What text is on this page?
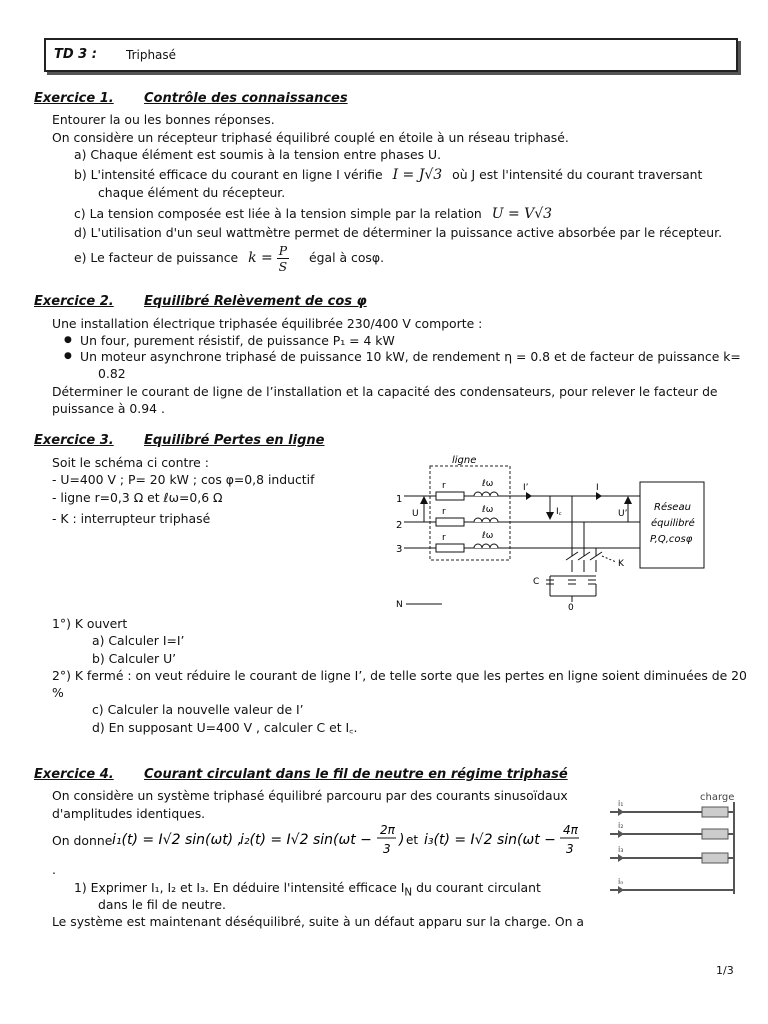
TD 3 : Triphasé
Exercice 1. Contrôle des connaissances
Entourer la ou les bonnes réponses.
On considère un récepteur triphasé équilibré couplé en étoile à un réseau triphasé.
a) Chaque élément est soumis à la tension entre phases U.
b) L'intensité efficace du courant en ligne I vérifie I = J√3 où J est l'intensité du courant traversant
chaque élément du récepteur.
c) La tension composée est liée à la tension simple par la relation U = V√3
d) L'utilisation d'un seul wattmètre permet de déterminer la puissance active absorbée par le récepteur.
e) Le facteur de puissance $k = \frac{P}{S}$ égal à cosφ.
Exercice 2. Equilibré Relèvement de cos φ
Une installation électrique triphasée équilibrée 230/400 V comporte :
● Un four, purement résistif, de puissance P₁ = 4 kW
● Un moteur asynchrone triphasé de puissance 10 kW, de rendement η = 0.8 et de facteur de puissance k=
0.82
Déterminer le courant de ligne de l’installation et la capacité des condensateurs, pour relever le facteur de
puissance à 0.94 .
Exercice 3. Equilibré Pertes en ligne
Soit le schéma ci contre :
- U=400 V ; P= 20 kW ; cos φ=0,8 inductif
- ligne r=0,3 Ω et ℓω=0,6 Ω
- K : interrupteur triphasé
ligne
1
2
3
r
r
r
ℓω
ℓω
ℓω
U
I’
I꜀
I
U’
Réseau
équilibré
P,Q,cosφ
K
C
0
N
1°) K ouvert
a) Calculer I=I’
b) Calculer U’
2°) K fermé : on veut réduire le courant de ligne I’, de telle sorte que les pertes en ligne soient diminuées de 20
%
c) Calculer la nouvelle valeur de I’
d) En supposant U=400 V , calculer C et I꜀.
Exercice 4. Courant circulant dans le fil de neutre en régime triphasé
On considère un système triphasé équilibré parcouru par des courants sinusoïdaux
d'amplitudes identiques.
On donne i₁(t) = I√2 sin(ωt) ,
i₂(t) = I√2 sin(ωt −
2π
3
) et i₃(t) = I√2 sin(ωt −
4π
3
.
1) Exprimer I₁, I₂ et I₃. En déduire l'intensité efficace $I_N$ du courant circulant
dans le fil de neutre.
Le système est maintenant déséquilibré, suite à un défaut apparu sur la charge. On a
charge
i₁
i₂
i₃
iₙ
1/3
